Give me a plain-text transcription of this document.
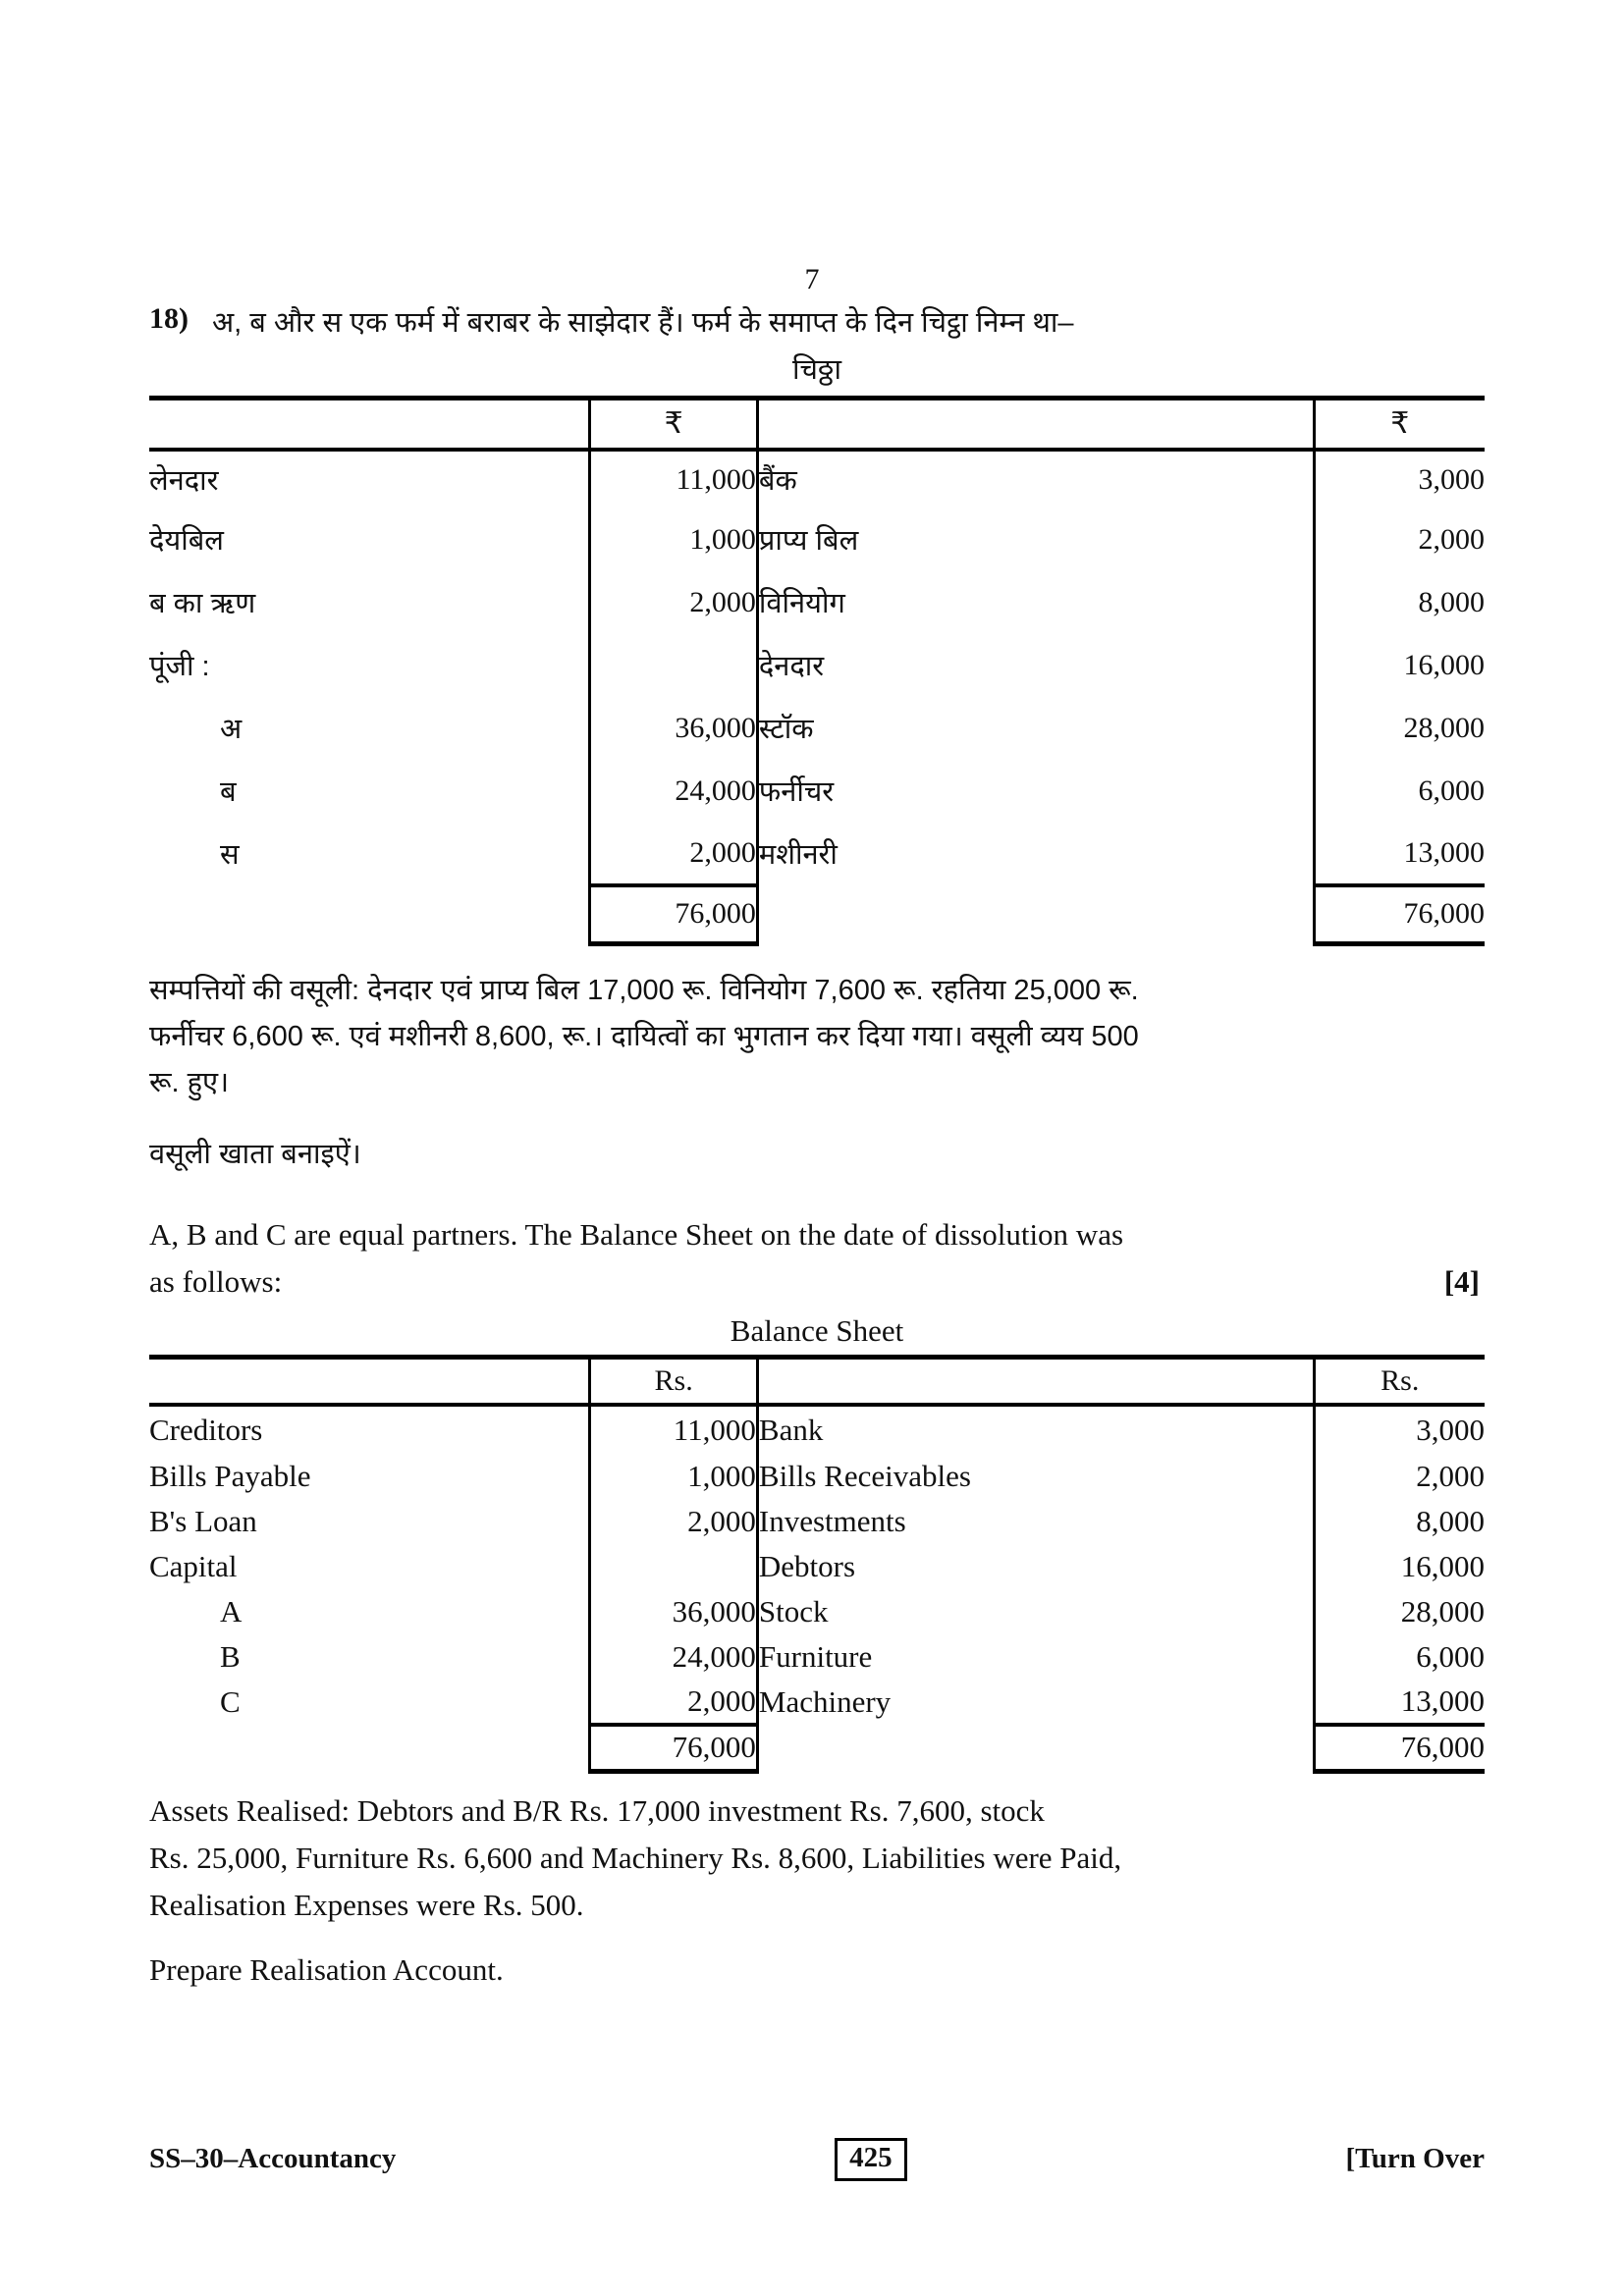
7
18) अ, ब और स एक फर्म में बराबर के साझेदार हैं। फर्म के समाप्त के दिन चिट्ठा निम्न था–
चिठ्ठा
	₹		₹
लेनदार	11,000	बैंक	3,000
देयबिल	1,000	प्राप्य बिल	2,000
ब का ऋण	2,000	विनियोग	8,000
पूंजी :		देनदार	16,000
अ	36,000	स्टॉक	28,000
ब	24,000	फर्नीचर	6,000
स	2,000	मशीनरी	13,000
	76,000		76,000
सम्पत्तियों की वसूली: देनदार एवं प्राप्य बिल 17,000 रू. विनियोग 7,600 रू. रहतिया 25,000 रू.
फर्नीचर 6,600 रू. एवं मशीनरी 8,600, रू.। दायित्वों का भुगतान कर दिया गया। वसूली व्यय 500
रू. हुए।
वसूली खाता बनाइऐं।
A, B and C are equal partners. The Balance Sheet on the date of dissolution was
[4]
as follows:
Balance Sheet
	Rs.		Rs.
Creditors	11,000	Bank	3,000
Bills Payable	1,000	Bills Receivables	2,000
B's Loan	2,000	Investments	8,000
Capital		Debtors	16,000
A	36,000	Stock	28,000
B	24,000	Furniture	6,000
C	2,000	Machinery	13,000
	76,000		76,000
Assets Realised: Debtors and B/R Rs. 17,000 investment Rs. 7,600, stock
Rs. 25,000, Furniture Rs. 6,600 and Machinery Rs. 8,600, Liabilities were Paid,
Realisation Expenses were Rs. 500.
Prepare Realisation Account.
SS–30–Accountancy	425	[Turn Over
